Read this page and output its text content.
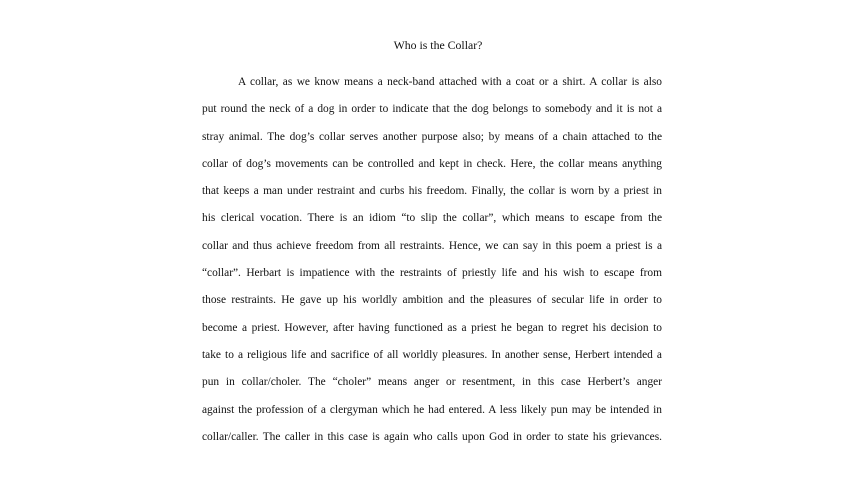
Who is the Collar?
A collar, as we know means a neck-band attached with a coat or a shirt. A collar is also
put round the neck of a dog in order to indicate that the dog belongs to somebody and it is not a
stray animal. The dog’s collar serves another purpose also; by means of a chain attached to the
collar of dog’s movements can be controlled and kept in check. Here, the collar means anything
that keeps a man under restraint and curbs his freedom. Finally, the collar is worn by a priest in
his clerical vocation. There is an idiom “to slip the collar”, which means to escape from the
collar and thus achieve freedom from all restraints. Hence, we can say in this poem a priest is a
“collar”. Herbart is impatience with the restraints of priestly life and his wish to escape from
those restraints. He gave up his worldly ambition and the pleasures of secular life in order to
become a priest. However, after having functioned as a priest he began to regret his decision to
take to a religious life and sacrifice of all worldly pleasures. In another sense, Herbert intended a
pun in collar/choler. The “choler” means anger or resentment, in this case Herbert’s anger
against the profession of a clergyman which he had entered. A less likely pun may be intended in
collar/caller. The caller in this case is again who calls upon God in order to state his grievances.
